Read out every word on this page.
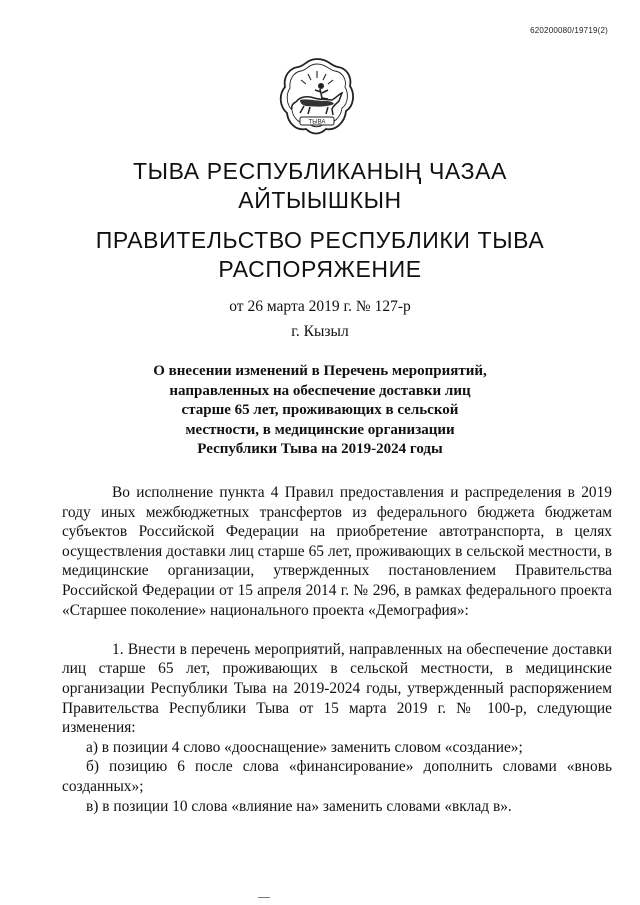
620200080/19719(2)
ТЫВА
ТЫВА РЕСПУБЛИКАНЫҢ ЧАЗАА
АЙТЫЫШКЫН
ПРАВИТЕЛЬСТВО РЕСПУБЛИКИ ТЫВА
РАСПОРЯЖЕНИЕ
от 26 марта 2019 г. № 127-р
г. Кызыл
О внесении изменений в Перечень мероприятий,
направленных на обеспечение доставки лиц
старше 65 лет, проживающих в сельской
местности, в медицинские организации
Республики Тыва на 2019-2024 годы

Во исполнение пункта 4 Правил предоставления и распределения в 2019 году иных межбюджетных трансфертов из федерального бюджета бюджетам субъектов Российской Федерации на приобретение автотранспорта, в целях осуществления доставки лиц старше 65 лет, проживающих в сельской местности, в медицинские организации, утвержденных постановлением Правительства Российской Федерации от 15 апреля 2014 г. № 296, в рамках федерального проекта «Старшее поколение» национального проекта «Демография»:

1. Внести в перечень мероприятий, направленных на обеспечение доставки лиц старше 65 лет, проживающих в сельской местности, в медицинские организации Республики Тыва на 2019-2024 годы, утвержденный распоряжением Правительства Республики Тыва от 15 марта 2019 г. № 100-р, следующие изменения:

а) в позиции 4 слово «дооснащение» заменить словом «создание»;

б) позицию 6 после слова «финансирование» дополнить словами «вновь созданных»;

в) в позиции 10 слова «влияние на» заменить словами «вклад в».
